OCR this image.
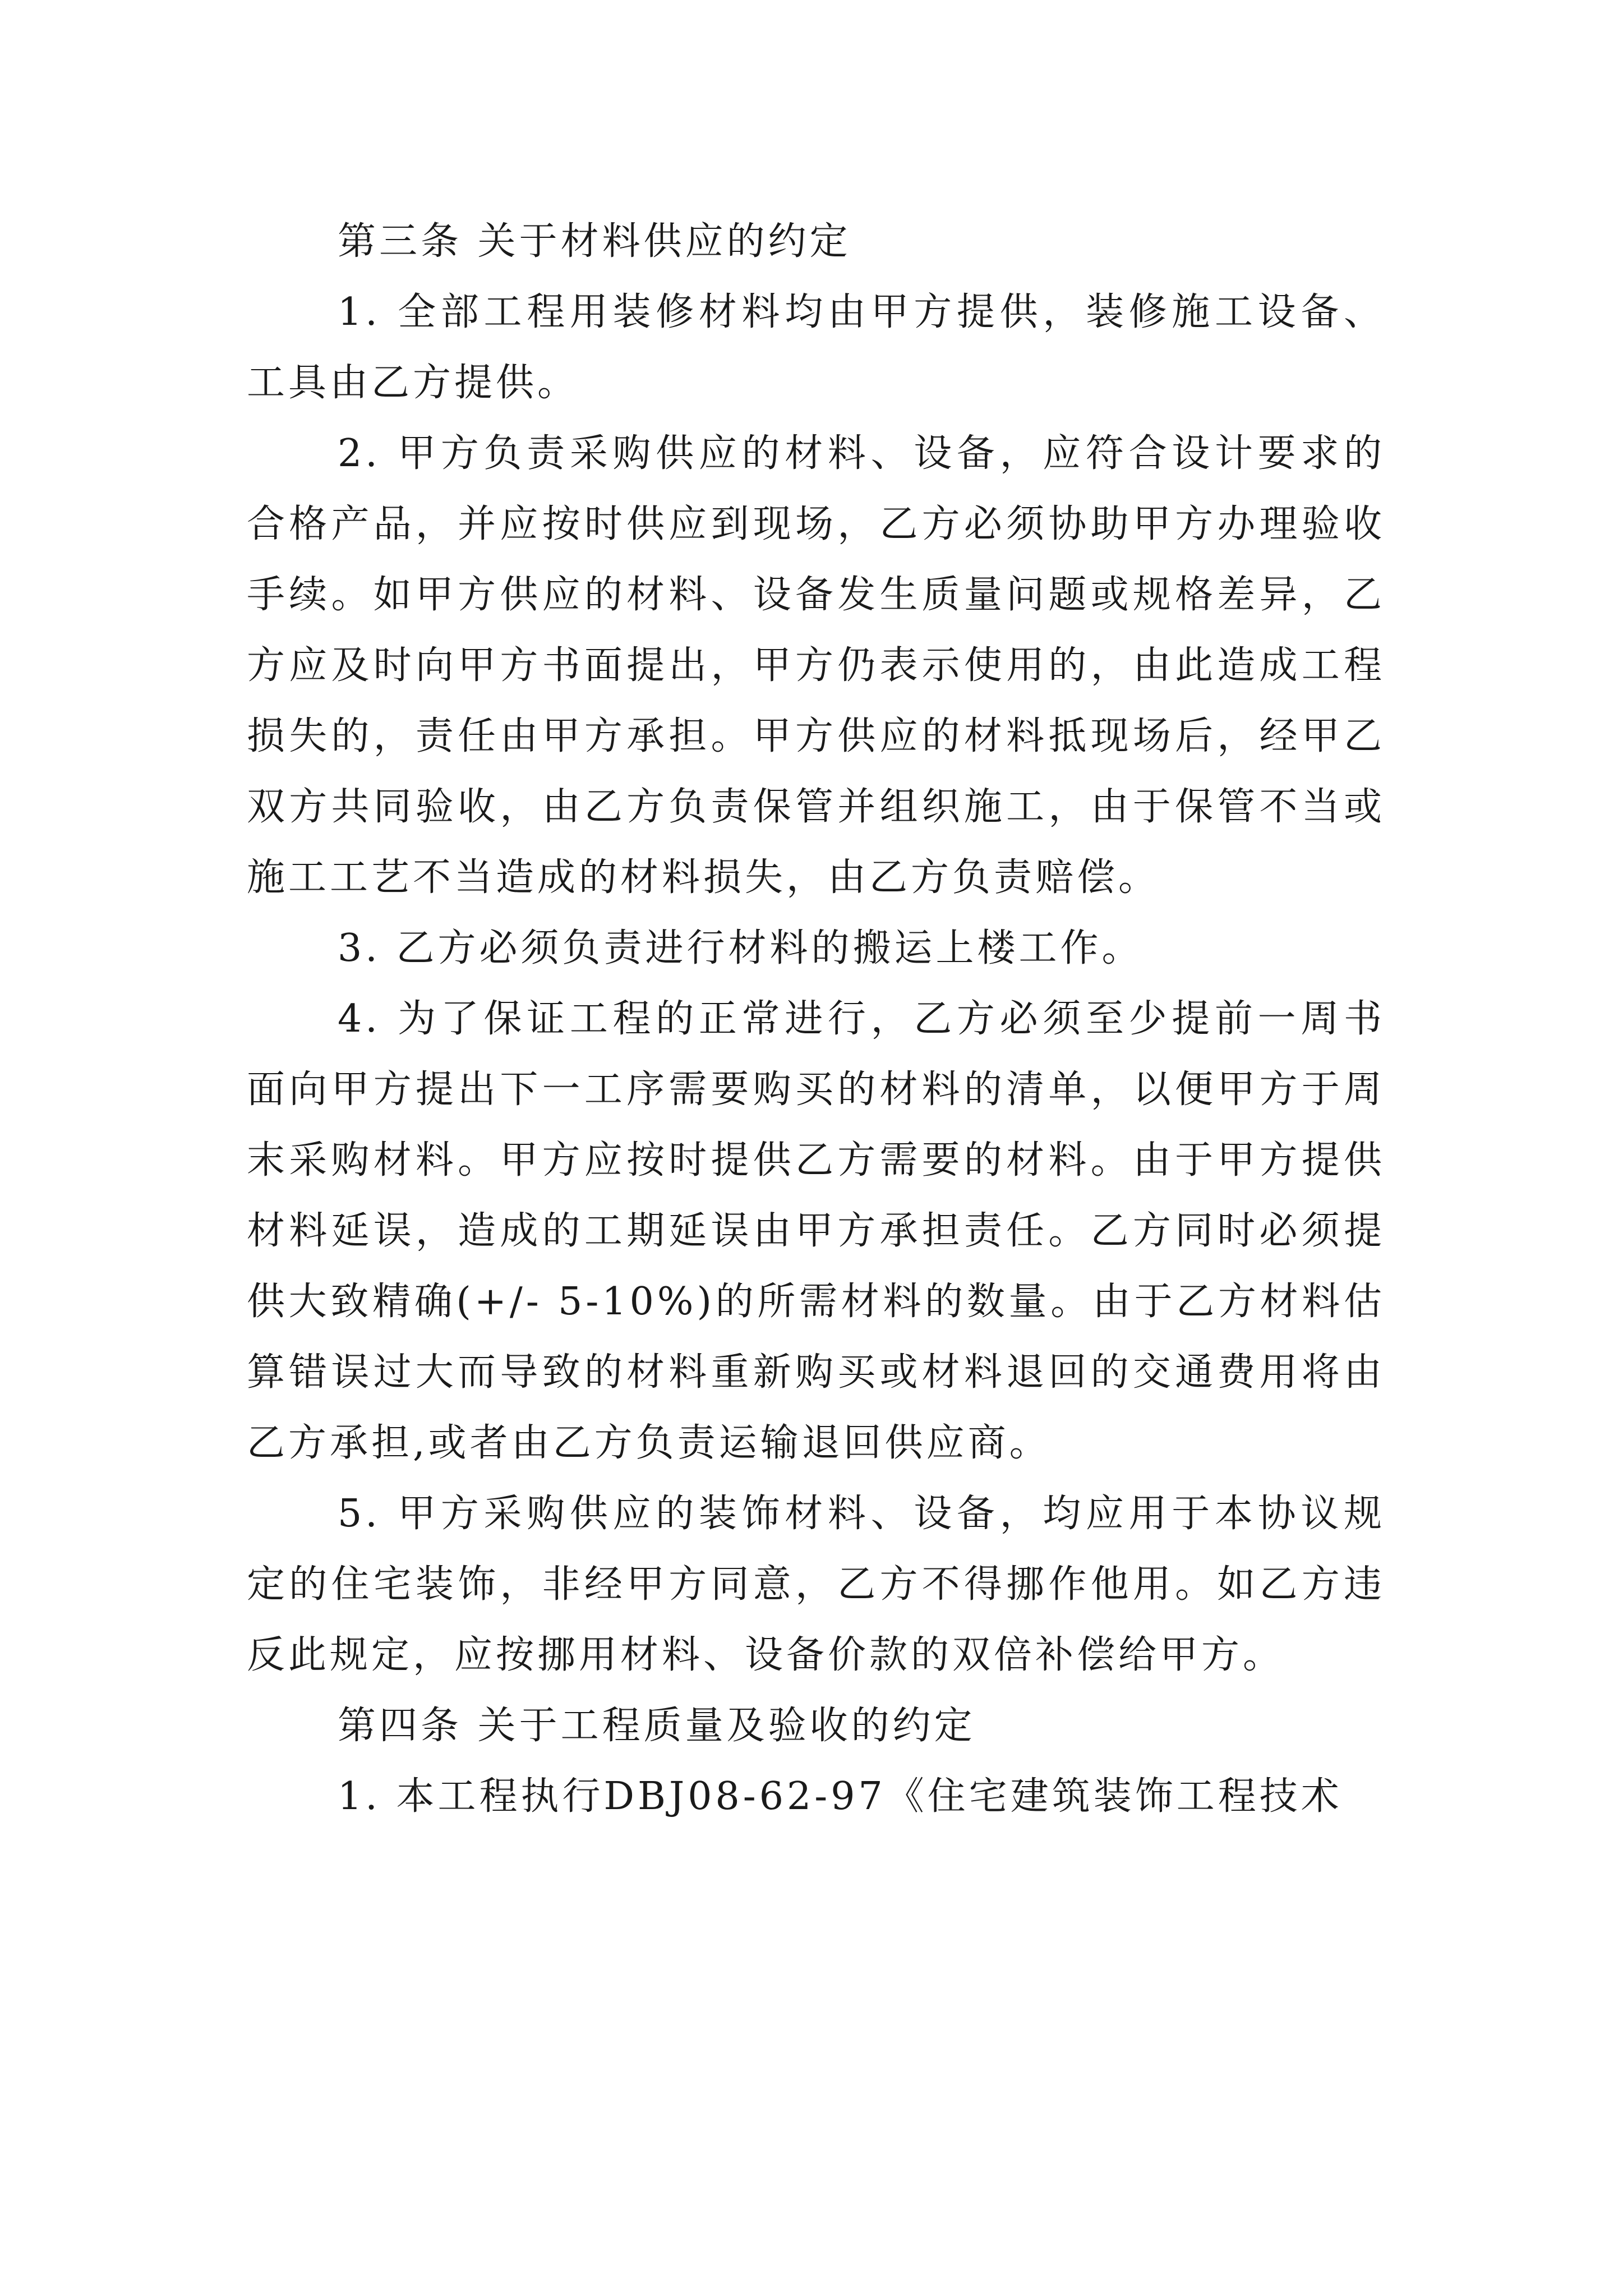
第三条 关于材料供应的约定

1. 全部工程用装修材料均由甲方提供，装修施工设备、工具由乙方提供。

2. 甲方负责采购供应的材料、设备，应符合设计要求的合格产品，并应按时供应到现场，乙方必须协助甲方办理验收手续。如甲方供应的材料、设备发生质量问题或规格差异，乙方应及时向甲方书面提出，甲方仍表示使用的，由此造成工程损失的，责任由甲方承担。甲方供应的材料抵现场后，经甲乙双方共同验收，由乙方负责保管并组织施工，由于保管不当或施工工艺不当造成的材料损失，由乙方负责赔偿。

3. 乙方必须负责进行材料的搬运上楼工作。

4. 为了保证工程的正常进行，乙方必须至少提前一周书面向甲方提出下一工序需要购买的材料的清单，以便甲方于周末采购材料。甲方应按时提供乙方需要的材料。由于甲方提供材料延误，造成的工期延误由甲方承担责任。乙方同时必须提供大致精确(+/- 5-10%)的所需材料的数量。由于乙方材料估算错误过大而导致的材料重新购买或材料退回的交通费用将由乙方承担,或者由乙方负责运输退回供应商。

5. 甲方采购供应的装饰材料、设备，均应用于本协议规定的住宅装饰，非经甲方同意，乙方不得挪作他用。如乙方违反此规定，应按挪用材料、设备价款的双倍补偿给甲方。

第四条 关于工程质量及验收的约定

1. 本工程执行DBJ08-62-97《住宅建筑装饰工程技术
